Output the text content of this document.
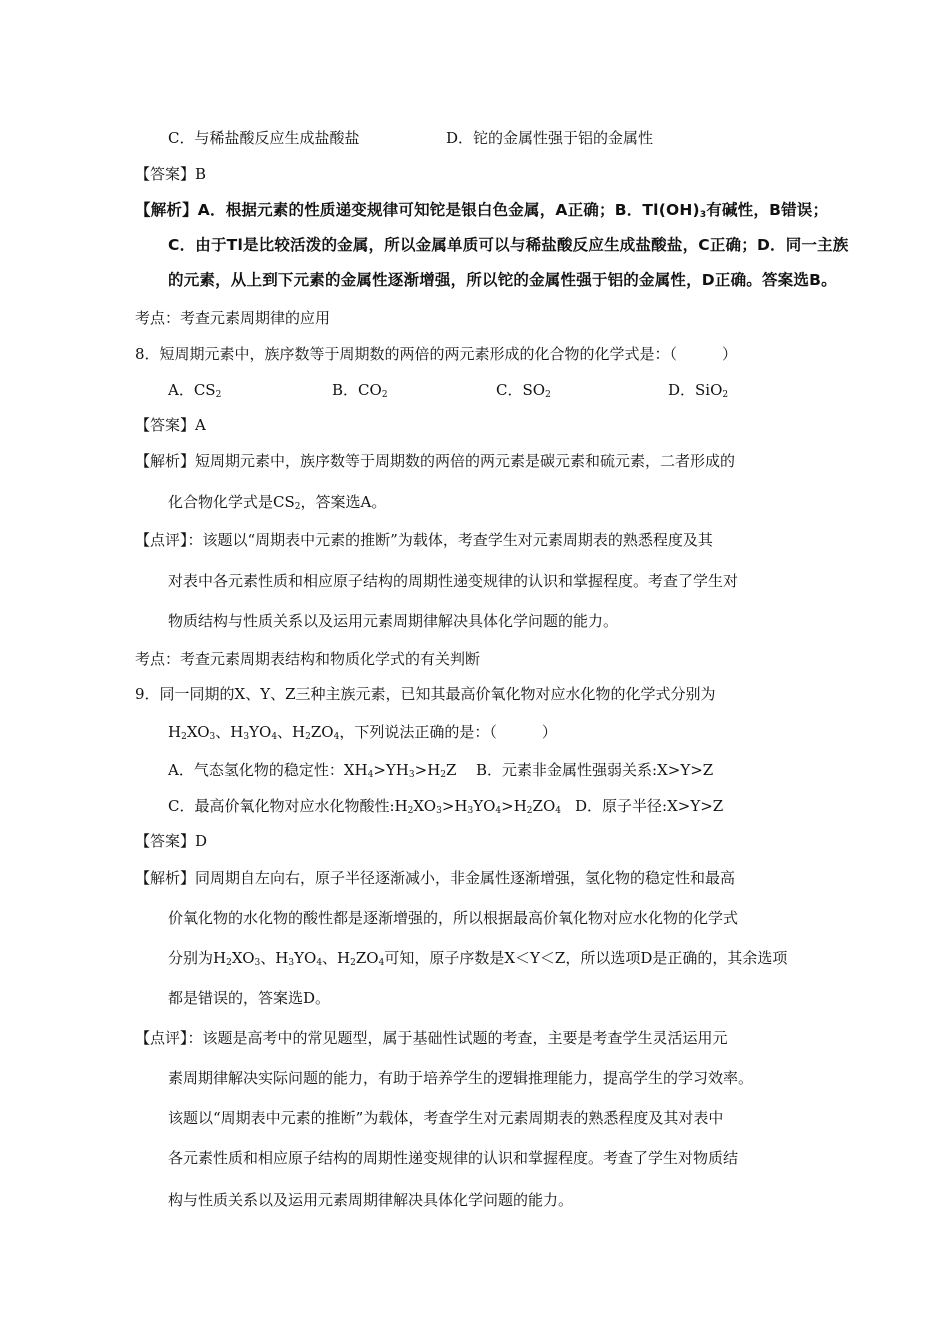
C．与稀盐酸反应生成盐酸盐	D．铊的金属性强于铝的金属性
【答案】B
【解析】A．根据元素的性质递变规律可知铊是银白色金属，A正确；B．$Tl(OH)_3$有碱性，B错误；
C．由于Tl是比较活泼的金属，所以金属单质可以与稀盐酸反应生成盐酸盐，C正确；D．同一主族
的元素，从上到下元素的金属性逐渐增强，所以铊的金属性强于铝的金属性，D正确。答案选B。
考点：考查元素周期律的应用
8．短周期元素中，族序数等于周期数的两倍的两元素形成的化合物的化学式是：（　　　）
A．$CS_2$	B．$CO_2$	C．$SO_2$	D．SiO$_2$
【答案】A
【解析】短周期元素中，族序数等于周期数的两倍的两元素是碳元素和硫元素，二者形成的
化合物化学式是$CS_2$，答案选A。
【点评】：该题以“周期表中元素的推断”为载体，考查学生对元素周期表的熟悉程度及其
对表中各元素性质和相应原子结构的周期性递变规律的认识和掌握程度。考查了学生对
物质结构与性质关系以及运用元素周期律解决具体化学问题的能力。
考点：考查元素周期表结构和物质化学式的有关判断
9．同一同期的X、Y、Z三种主族元素，已知其最高价氧化物对应水化物的化学式分别为
$H_2XO_3$、$H_3YO_4$、$H_2ZO_4$，下列说法正确的是：（　　　）
A．气态氢化物的稳定性：$XH_4>YH_3>H_2Z$ B．元素非金属性强弱关系:X>Y>Z
C．最高价氧化物对应水化物酸性$:H_2XO_3>H_3YO_4>H_2ZO_4$ D．原子半径:X>Y>Z
【答案】D
【解析】同周期自左向右，原子半径逐渐减小，非金属性逐渐增强，氢化物的稳定性和最高
价氧化物的水化物的酸性都是逐渐增强的，所以根据最高价氧化物对应水化物的化学式
分别为$H_2XO_3$、$H_3YO_4$、$H_2ZO_4$可知，原子序数是X＜Y＜Z，所以选项D是正确的，其余选项
都是错误的，答案选D。
【点评】：该题是高考中的常见题型，属于基础性试题的考查，主要是考查学生灵活运用元
素周期律解决实际问题的能力，有助于培养学生的逻辑推理能力，提高学生的学习效率。
该题以“周期表中元素的推断”为载体，考查学生对元素周期表的熟悉程度及其对表中
各元素性质和相应原子结构的周期性递变规律的认识和掌握程度。考查了学生对物质结
构与性质关系以及运用元素周期律解决具体化学问题的能力。
